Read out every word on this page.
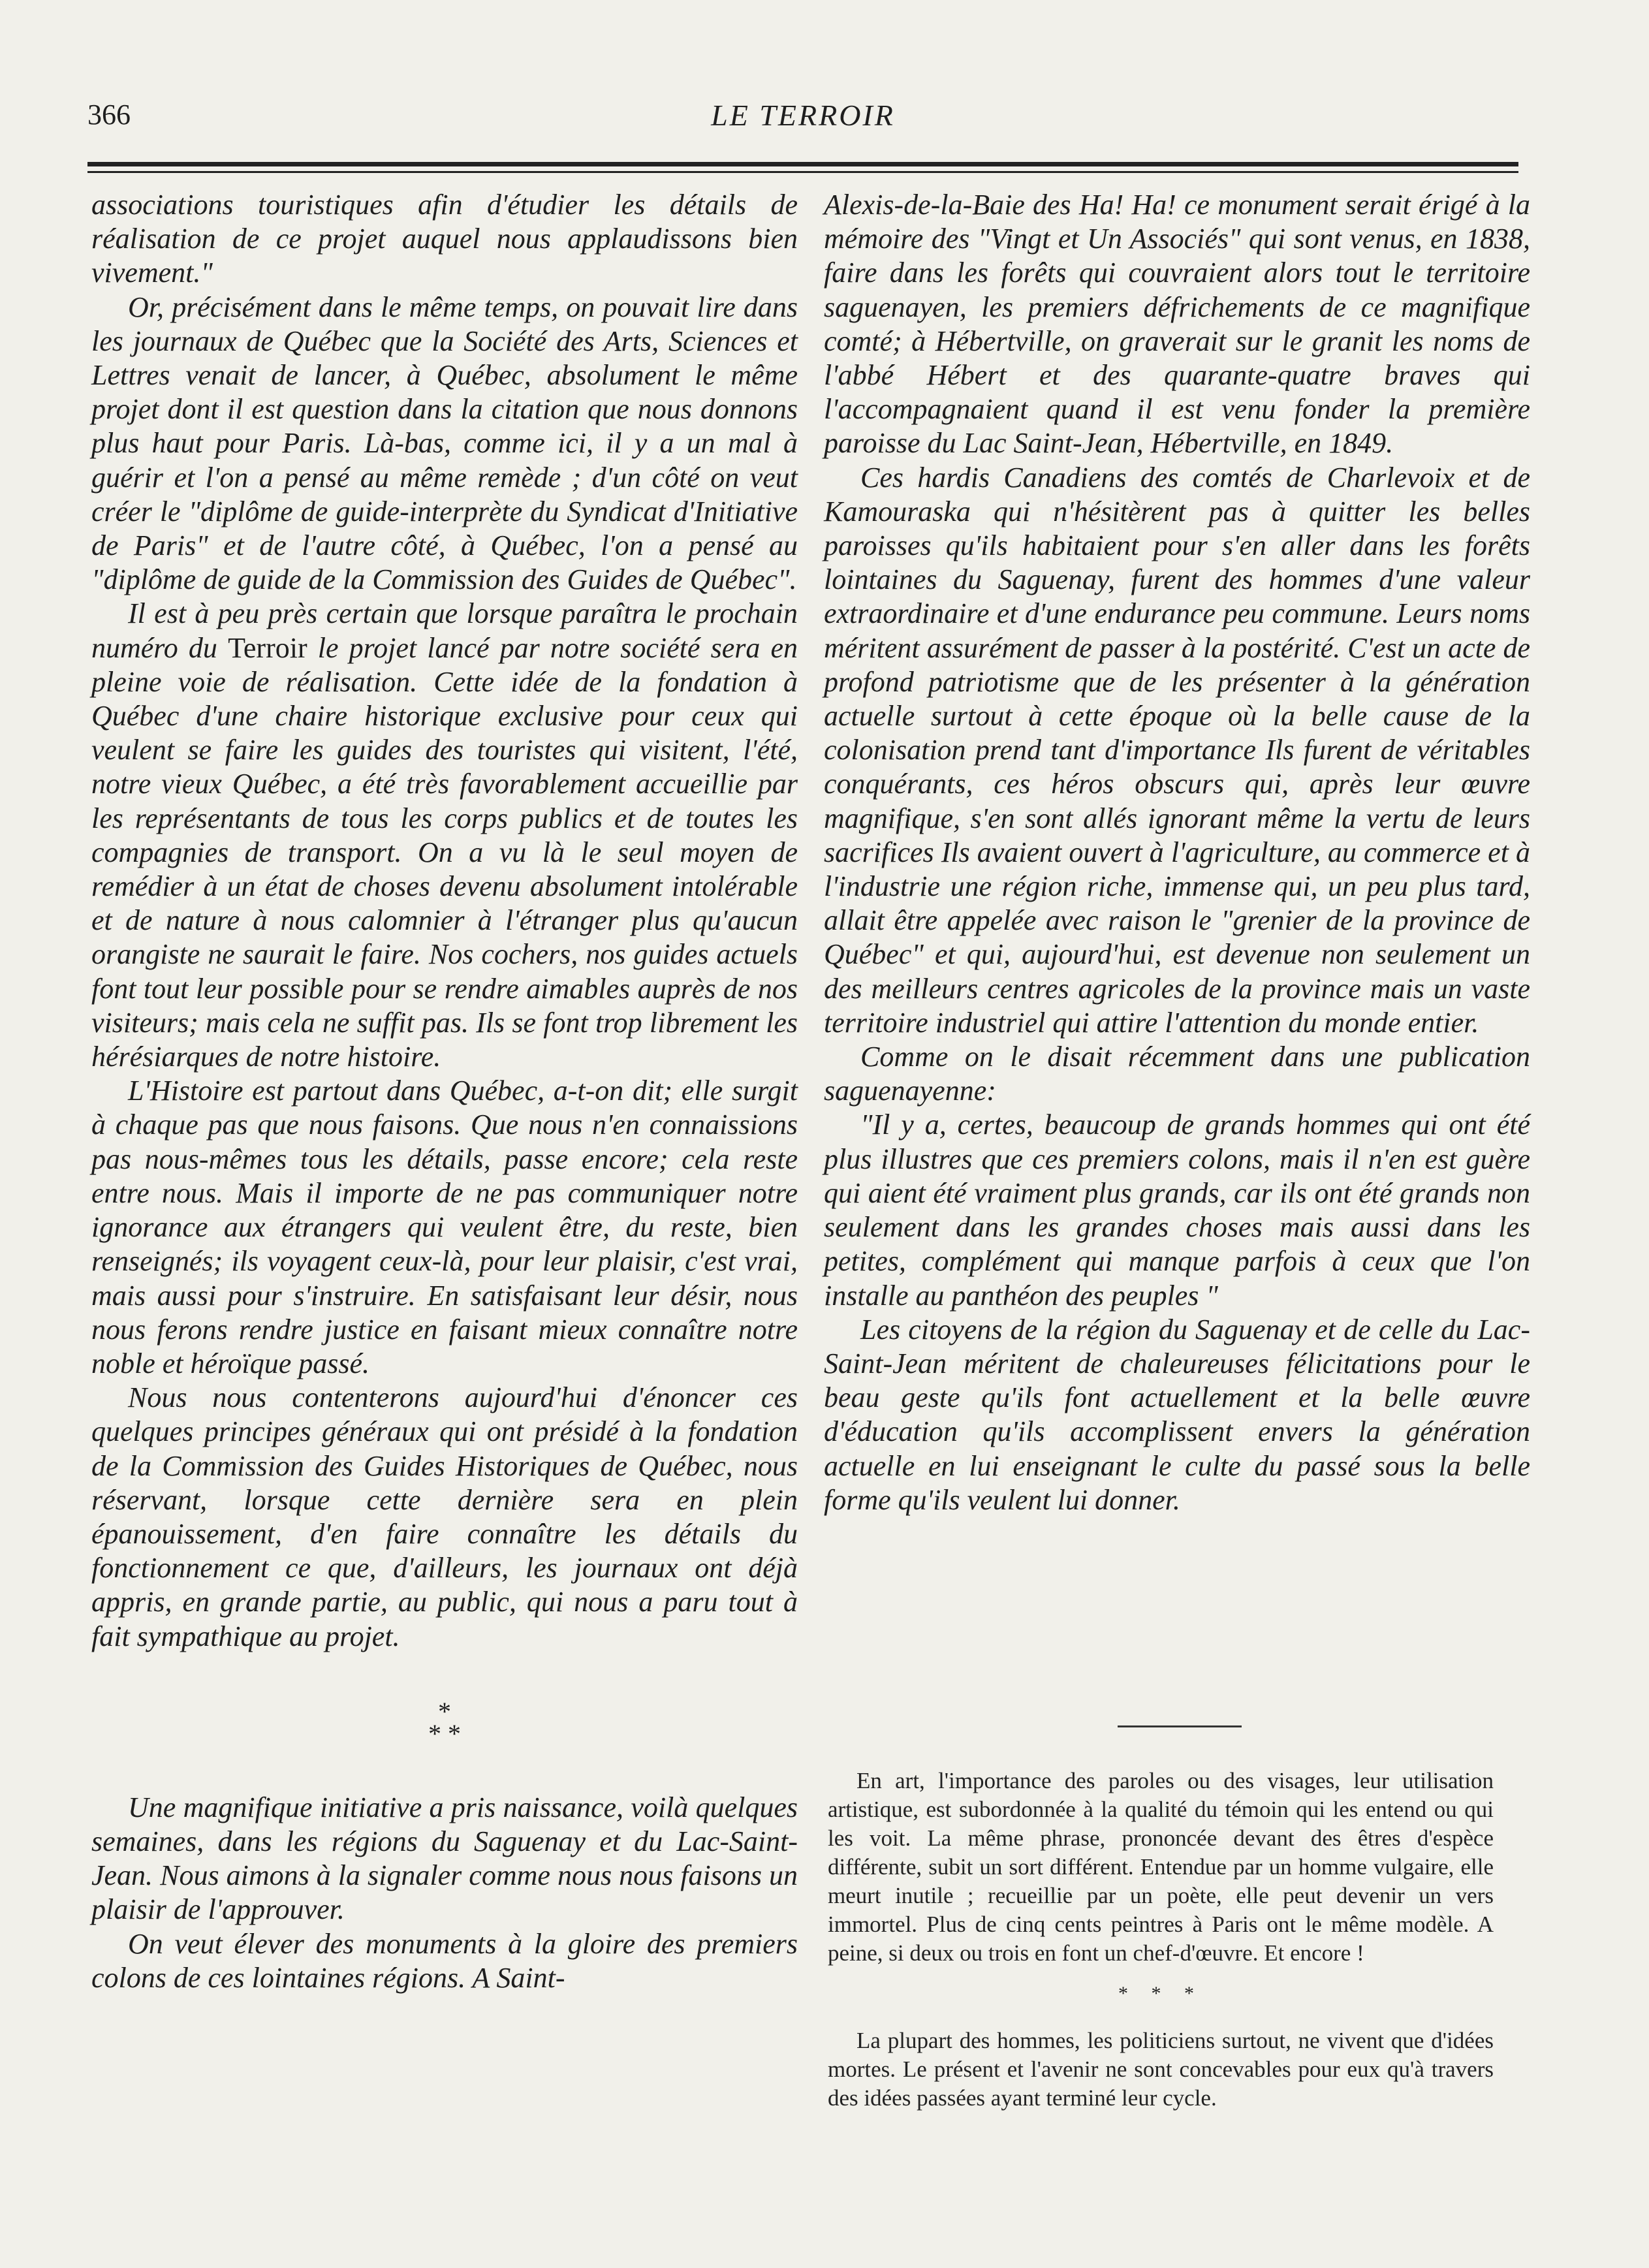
366	LE TERROIR

associations touristiques afin d'étudier les détails de réalisation de ce projet auquel nous applaudissons bien vivement."

Or, précisément dans le même temps, on pouvait lire dans les journaux de Québec que la Société des Arts, Sciences et Lettres venait de lancer, à Québec, absolument le même projet dont il est question dans la citation que nous donnons plus haut pour Paris. Là-bas, comme ici, il y a un mal à guérir et l'on a pensé au même remède ; d'un côté on veut créer le "diplôme de guide-interprète du Syndicat d'Initiative de Paris" et de l'autre côté, à Québec, l'on a pensé au "diplôme de guide de la Commission des Guides de Québec".

Il est à peu près certain que lorsque paraîtra le prochain numéro du Terroir le projet lancé par notre société sera en pleine voie de réalisation. Cette idée de la fondation à Québec d'une chaire historique exclusive pour ceux qui veulent se faire les guides des touristes qui visitent, l'été, notre vieux Québec, a été très favorablement accueillie par les représentants de tous les corps publics et de toutes les compagnies de transport. On a vu là le seul moyen de remédier à un état de choses devenu absolument intolérable et de nature à nous calomnier à l'étranger plus qu'aucun orangiste ne saurait le faire. Nos cochers, nos guides actuels font tout leur possible pour se rendre aimables auprès de nos visiteurs; mais cela ne suffit pas. Ils se font trop librement les hérésiarques de notre histoire.

L'Histoire est partout dans Québec, a-t-on dit; elle surgit à chaque pas que nous faisons. Que nous n'en connaissions pas nous-mêmes tous les détails, passe encore; cela reste entre nous. Mais il importe de ne pas communiquer notre ignorance aux étrangers qui veulent être, du reste, bien renseignés; ils voyagent ceux-là, pour leur plaisir, c'est vrai, mais aussi pour s'instruire. En satisfaisant leur désir, nous nous ferons rendre justice en faisant mieux connaître notre noble et héroïque passé.

Nous nous contenterons aujourd'hui d'énoncer ces quelques principes généraux qui ont présidé à la fondation de la Commission des Guides Historiques de Québec, nous réservant, lorsque cette dernière sera en plein épanouissement, d'en faire connaître les détails du fonctionnement ce que, d'ailleurs, les journaux ont déjà appris, en grande partie, au public, qui nous a paru tout à fait sympathique au projet.

*
* *

Une magnifique initiative a pris naissance, voilà quelques semaines, dans les régions du Saguenay et du Lac-Saint-Jean. Nous aimons à la signaler comme nous nous faisons un plaisir de l'approuver.

On veut élever des monuments à la gloire des premiers colons de ces lointaines régions. A Saint-

Alexis-de-la-Baie des Ha! Ha! ce monument serait érigé à la mémoire des "Vingt et Un Associés" qui sont venus, en 1838, faire dans les forêts qui couvraient alors tout le territoire saguenayen, les premiers défrichements de ce magnifique comté; à Hébertville, on graverait sur le granit les noms de l'abbé Hébert et des quarante-quatre braves qui l'accompagnaient quand il est venu fonder la première paroisse du Lac Saint-Jean, Hébertville, en 1849.

Ces hardis Canadiens des comtés de Charlevoix et de Kamouraska qui n'hésitèrent pas à quitter les belles paroisses qu'ils habitaient pour s'en aller dans les forêts lointaines du Saguenay, furent des hommes d'une valeur extraordinaire et d'une endurance peu commune. Leurs noms méritent assurément de passer à la postérité. C'est un acte de profond patriotisme que de les présenter à la génération actuelle surtout à cette époque où la belle cause de la colonisation prend tant d'importance Ils furent de véritables conquérants, ces héros obscurs qui, après leur œuvre magnifique, s'en sont allés ignorant même la vertu de leurs sacrifices Ils avaient ouvert à l'agriculture, au commerce et à l'industrie une région riche, immense qui, un peu plus tard, allait être appelée avec raison le "grenier de la province de Québec" et qui, aujourd'hui, est devenue non seulement un des meilleurs centres agricoles de la province mais un vaste territoire industriel qui attire l'attention du monde entier.

Comme on le disait récemment dans une publication saguenayenne:

"Il y a, certes, beaucoup de grands hommes qui ont été plus illustres que ces premiers colons, mais il n'en est guère qui aient été vraiment plus grands, car ils ont été grands non seulement dans les grandes choses mais aussi dans les petites, complément qui manque parfois à ceux que l'on installe au panthéon des peuples "

Les citoyens de la région du Saguenay et de celle du Lac-Saint-Jean méritent de chaleureuses félicitations pour le beau geste qu'ils font actuellement et la belle œuvre d'éducation qu'ils accomplissent envers la génération actuelle en lui enseignant le culte du passé sous la belle forme qu'ils veulent lui donner.

En art, l'importance des paroles ou des visages, leur utilisation artistique, est subordonnée à la qualité du témoin qui les entend ou qui les voit. La même phrase, prononcée devant des êtres d'espèce différente, subit un sort différent. Entendue par un homme vulgaire, elle meurt inutile ; recueillie par un poète, elle peut devenir un vers immortel. Plus de cinq cents peintres à Paris ont le même modèle. A peine, si deux ou trois en font un chef-d'œuvre. Et encore !

* * *

La plupart des hommes, les politiciens surtout, ne vivent que d'idées mortes. Le présent et l'avenir ne sont concevables pour eux qu'à travers des idées passées ayant terminé leur cycle.
